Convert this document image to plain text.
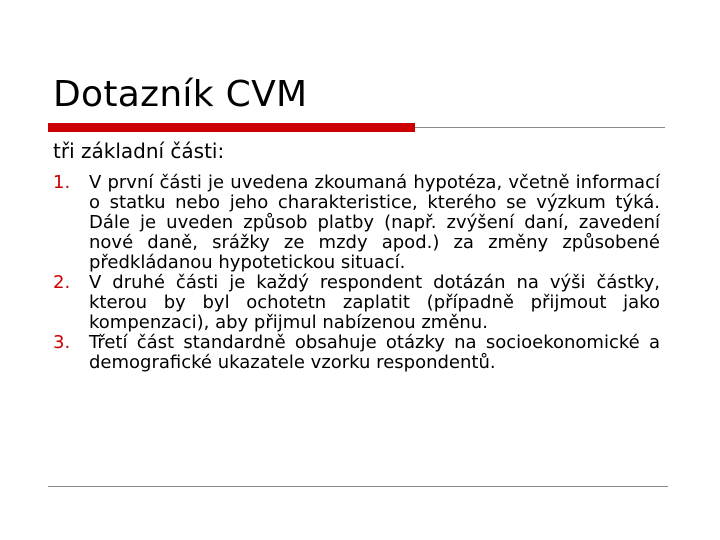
Dotazník CVM

tři základní části:

1. V první části je uvedena zkoumaná hypotéza, včetně informací o statku nebo jeho charakteristice, kterého se výzkum týká. Dále je uveden způsob platby (např. zvýšení daní, zavedení nové daně, srážky ze mzdy apod.) za změny způsobené předkládanou hypotetickou situací.
2. V druhé části je každý respondent dotázán na výši částky, kterou by byl ochotetn zaplatit (případně přijmout jako kompenzaci), aby přijmul nabízenou změnu.
3. Třetí část standardně obsahuje otázky na socioekonomické a demografické ukazatele vzorku respondentů.
